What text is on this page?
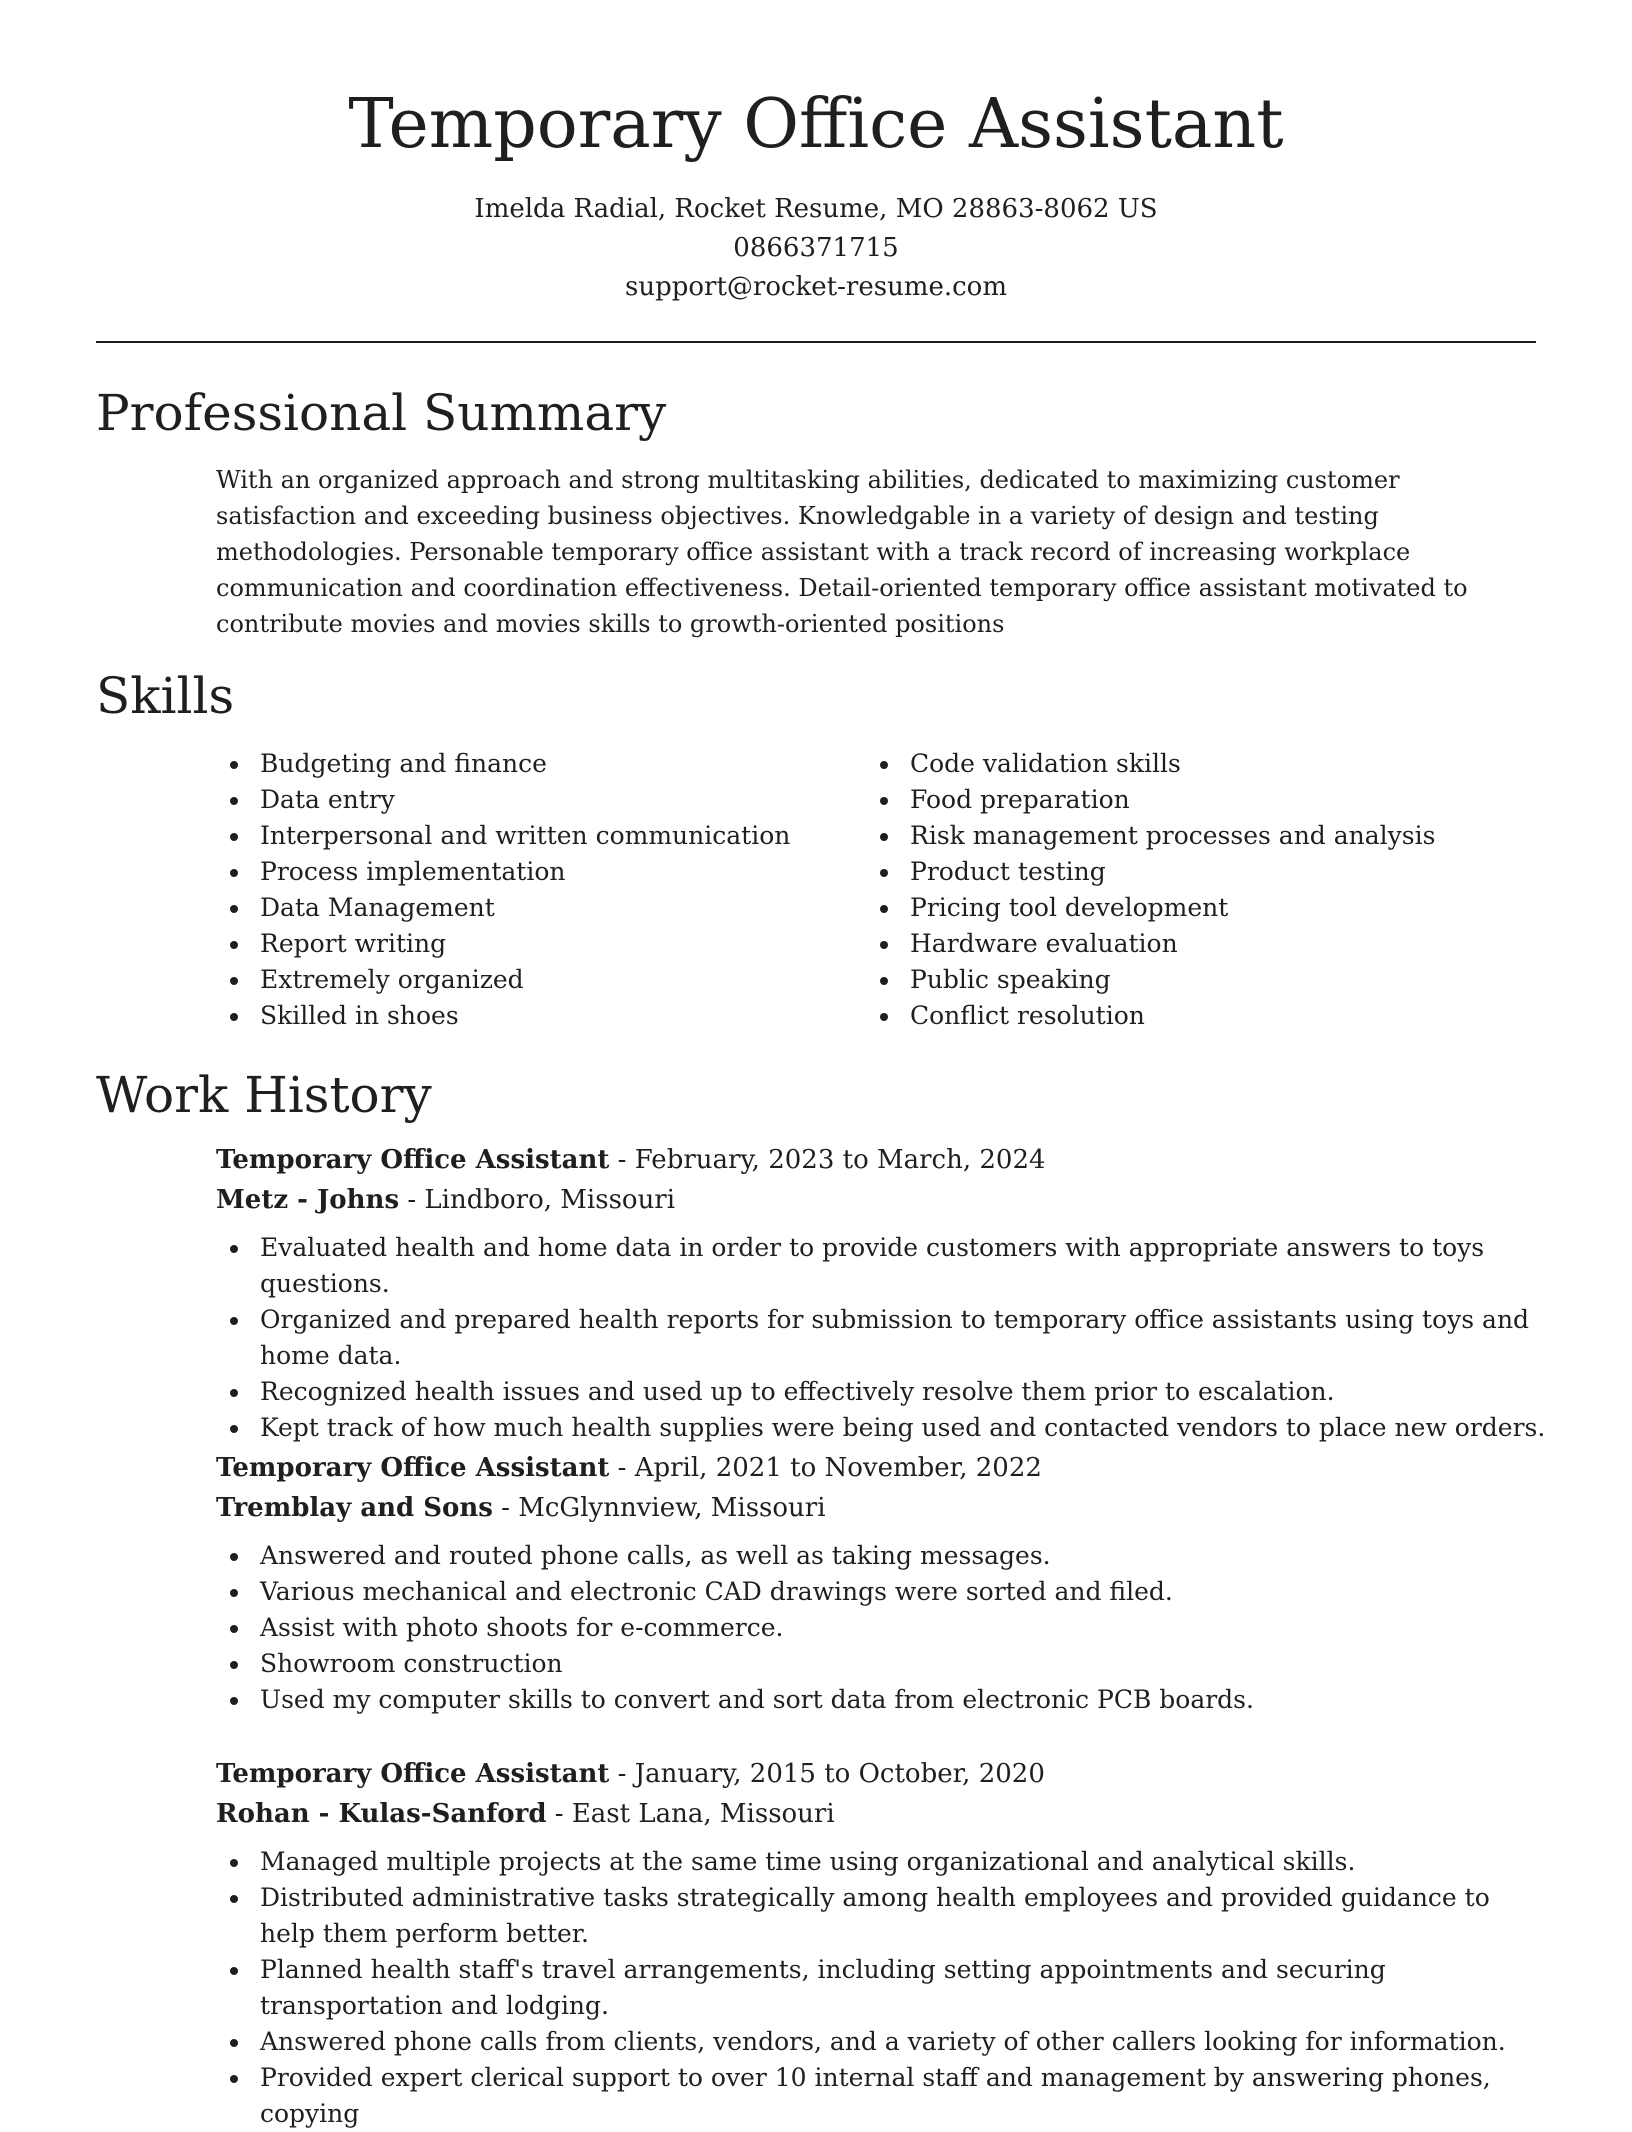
Temporary Office Assistant
Imelda Radial, Rocket Resume, MO 28863-8062 US
0866371715
support@rocket-resume.com
Professional Summary

With an organized approach and strong multitasking abilities, dedicated to maximizing customer satisfaction and exceeding business objectives. Knowledgable in a variety of design and testing methodologies. Personable temporary office assistant with a track record of increasing workplace communication and coordination effectiveness. Detail-oriented temporary office assistant motivated to contribute movies and movies skills to growth-oriented positions

Skills
Budgeting and finance
Data entry
Interpersonal and written communication
Process implementation
Data Management
Report writing
Extremely organized
Skilled in shoes
Code validation skills
Food preparation
Risk management processes and analysis
Product testing
Pricing tool development
Hardware evaluation
Public speaking
Conflict resolution
Work History

Temporary Office Assistant - February, 2023 to March, 2024

Metz - Johns - Lindboro, Missouri

Evaluated health and home data in order to provide customers with appropriate answers to toys questions.
Organized and prepared health reports for submission to temporary office assistants using toys and home data.
Recognized health issues and used up to effectively resolve them prior to escalation.
Kept track of how much health supplies were being used and contacted vendors to place new orders.

Temporary Office Assistant - April, 2021 to November, 2022

Tremblay and Sons - McGlynnview, Missouri

Answered and routed phone calls, as well as taking messages.
Various mechanical and electronic CAD drawings were sorted and filed.
Assist with photo shoots for e-commerce.
Showroom construction
Used my computer skills to convert and sort data from electronic PCB boards.

Temporary Office Assistant - January, 2015 to October, 2020

Rohan - Kulas-Sanford - East Lana, Missouri

Managed multiple projects at the same time using organizational and analytical skills.
Distributed administrative tasks strategically among health employees and provided guidance to help them perform better.
Planned health staff's travel arrangements, including setting appointments and securing transportation and lodging.
Answered phone calls from clients, vendors, and a variety of other callers looking for information.
Provided expert clerical support to over 10 internal staff and management by answering phones, copying
